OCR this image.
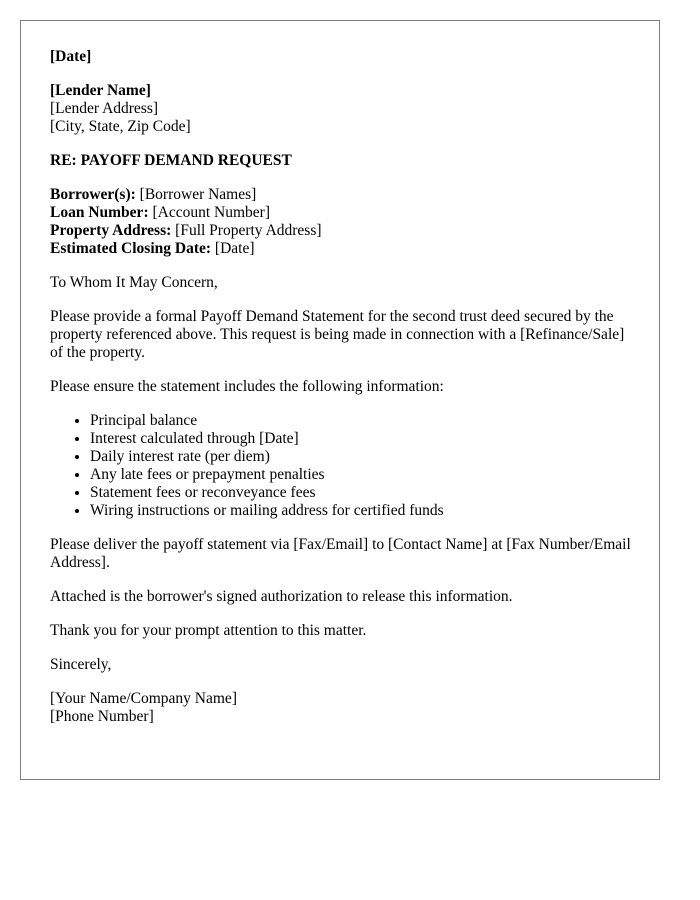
[Date]
[Lender Name]
[Lender Address]
[City, State, Zip Code]
RE: PAYOFF DEMAND REQUEST
Borrower(s): [Borrower Names]
Loan Number: [Account Number]
Property Address: [Full Property Address]
Estimated Closing Date: [Date]

To Whom It May Concern,

Please provide a formal Payoff Demand Statement for the second trust deed secured by the property referenced above. This request is being made in connection with a [Refinance/Sale] of the property.

Please ensure the statement includes the following information:

• Principal balance
• Interest calculated through [Date]
• Daily interest rate (per diem)
• Any late fees or prepayment penalties
• Statement fees or reconveyance fees
• Wiring instructions or mailing address for certified funds

Please deliver the payoff statement via [Fax/Email] to [Contact Name] at [Fax Number/Email Address].

Attached is the borrower's signed authorization to release this information.

Thank you for your prompt attention to this matter.

Sincerely,

[Your Name/Company Name]
[Phone Number]
